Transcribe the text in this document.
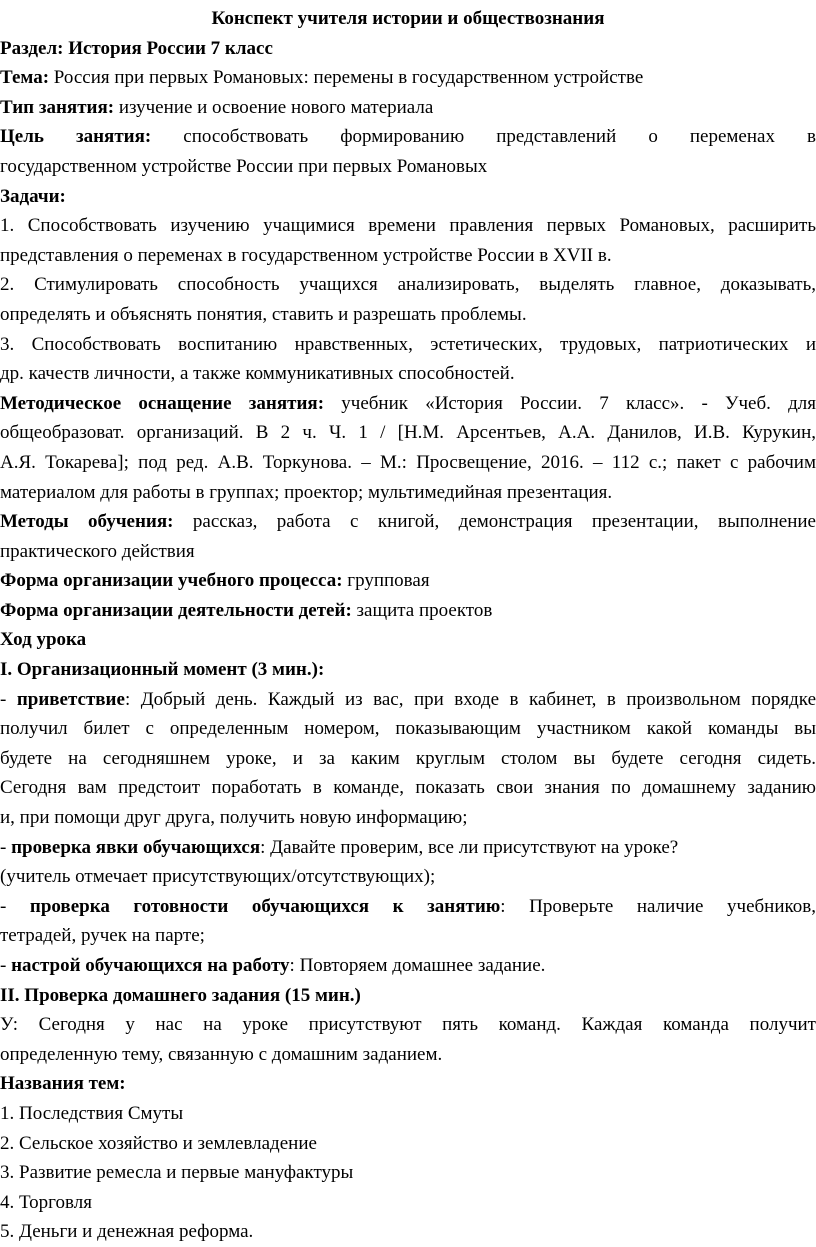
Конспект учителя истории и обществознания
Раздел: История России 7 класс
Тема: Россия при первых Романовых: перемены в государственном устройстве
Тип занятия: изучение и освоение нового материала
Цель занятия: способствовать формированию представлений о переменах в
государственном устройстве России при первых Романовых
Задачи:
1. Способствовать изучению учащимися времени правления первых Романовых, расширить
представления о переменах в государственном устройстве России в XVII в.
2. Стимулировать способность учащихся анализировать, выделять главное, доказывать,
определять и объяснять понятия, ставить и разрешать проблемы.
3. Способствовать воспитанию нравственных, эстетических, трудовых, патриотических и
др. качеств личности, а также коммуникативных способностей.
Методическое оснащение занятия: учебник «История России. 7 класс». - Учеб. для
общеобразоват. организаций. В 2 ч. Ч. 1 / [Н.М. Арсентьев, А.А. Данилов, И.В. Курукин,
А.Я. Токарева]; под ред. А.В. Торкунова. – М.: Просвещение, 2016. – 112 с.; пакет с рабочим
материалом для работы в группах; проектор; мультимедийная презентация.
Методы обучения: рассказ, работа с книгой, демонстрация презентации, выполнение
практического действия
Форма организации учебного процесса: групповая
Форма организации деятельности детей: защита проектов
Ход урока
I. Организационный момент (3 мин.):
- приветствие: Добрый день. Каждый из вас, при входе в кабинет, в произвольном порядке
получил билет с определенным номером, показывающим участником какой команды вы
будете на сегодняшнем уроке, и за каким круглым столом вы будете сегодня сидеть.
Сегодня вам предстоит поработать в команде, показать свои знания по домашнему заданию
и, при помощи друг друга, получить новую информацию;
- проверка явки обучающихся: Давайте проверим, все ли присутствуют на уроке?
(учитель отмечает присутствующих/отсутствующих);
- проверка готовности обучающихся к занятию: Проверьте наличие учебников,
тетрадей, ручек на парте;
- настрой обучающихся на работу: Повторяем домашнее задание.
II. Проверка домашнего задания (15 мин.)
У: Сегодня у нас на уроке присутствуют пять команд. Каждая команда получит
определенную тему, связанную с домашним заданием.
Названия тем:
1. Последствия Смуты
2. Сельское хозяйство и землевладение
3. Развитие ремесла и первые мануфактуры
4. Торговля
5. Деньги и денежная реформа.
